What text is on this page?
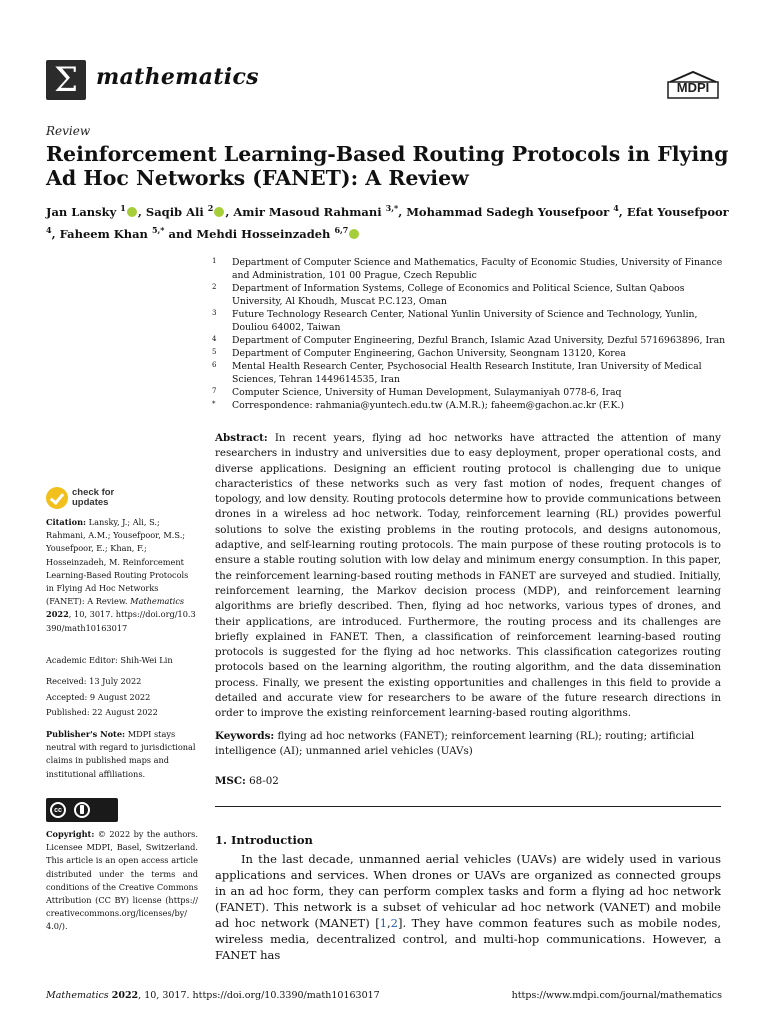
Σ mathematics	MDPI
Review
Reinforcement Learning-Based Routing Protocols in Flying Ad Hoc Networks (FANET): A Review
Jan Lansky $^1$ , Saqib Ali $^2$ , Amir Masoud Rahmani $^{3,*}$, Mohammad Sadegh Yousefpoor $^4$, Efat Yousefpoor $^4$, Faheem Khan $^{5,*}$ and Mehdi Hosseinzadeh $^{6,7}$
1	Department of Computer Science and Mathematics, Faculty of Economic Studies, University of Finance and Administration, 101 00 Prague, Czech Republic
2	Department of Information Systems, College of Economics and Political Science, Sultan Qaboos University, Al Khoudh, Muscat P.C.123, Oman
3	Future Technology Research Center, National Yunlin University of Science and Technology, Yunlin, Douliou 64002, Taiwan
4	Department of Computer Engineering, Dezful Branch, Islamic Azad University, Dezful 5716963896, Iran
5	Department of Computer Engineering, Gachon University, Seongnam 13120, Korea
6	Mental Health Research Center, Psychosocial Health Research Institute, Iran University of Medical Sciences, Tehran 1449614535, Iran
7	Computer Science, University of Human Development, Sulaymaniyah 0778-6, Iraq
*	Correspondence: rahmania@yuntech.edu.tw (A.M.R.); faheem@gachon.ac.kr (F.K.)
Abstract: In recent years, flying ad hoc networks have attracted the attention of many researchers in industry and universities due to easy deployment, proper operational costs, and diverse applications. Designing an efficient routing protocol is challenging due to unique characteristics of these networks such as very fast motion of nodes, frequent changes of topology, and low density. Routing protocols determine how to provide communications between drones in a wireless ad hoc network. Today, reinforcement learning (RL) provides powerful solutions to solve the existing problems in the routing protocols, and designs autonomous, adaptive, and self-learning routing protocols. The main purpose of these routing protocols is to ensure a stable routing solution with low delay and minimum energy consumption. In this paper, the reinforcement learning-based routing methods in FANET are surveyed and studied. Initially, reinforcement learning, the Markov decision process (MDP), and reinforcement learning algorithms are briefly described. Then, flying ad hoc networks, various types of drones, and their applications, are introduced. Furthermore, the routing process and its challenges are briefly explained in FANET. Then, a classification of reinforcement learning-based routing protocols is suggested for the flying ad hoc networks. This classification categorizes routing protocols based on the learning algorithm, the routing algorithm, and the data dissemination process. Finally, we present the existing opportunities and challenges in this field to provide a detailed and accurate view for researchers to be aware of the future research directions in order to improve the existing reinforcement learning-based routing algorithms.
Keywords: flying ad hoc networks (FANET); reinforcement learning (RL); routing; artificial intelligence (AI); unmanned ariel vehicles (UAVs)
MSC: 68-02
1. Introduction
In the last decade, unmanned aerial vehicles (UAVs) are widely used in various applications and services. When drones or UAVs are organized as connected groups in an ad hoc form, they can perform complex tasks and form a flying ad hoc network (FANET). This network is a subset of vehicular ad hoc network (VANET) and mobile ad hoc network (MANET) [1,2]. They have common features such as mobile nodes, wireless media, decentralized control, and multi-hop communications. However, a FANET has
check for
updates
Citation: Lansky, J.; Ali, S.; Rahmani, A.M.; Yousefpoor, M.S.; Yousefpoor, E.; Khan, F.; Hosseinzadeh, M. Reinforcement Learning-Based Routing Protocols in Flying Ad Hoc Networks (FANET): A Review. Mathematics 2022, 10, 3017. https://doi.org/10.3390/math10163017
Academic Editor: Shih-Wei Lin
Received: 13 July 2022
Accepted: 9 August 2022
Published: 22 August 2022
Publisher's Note: MDPI stays neutral with regard to jurisdictional claims in published maps and institutional affiliations.
cc
Copyright: © 2022 by the authors. Licensee MDPI, Basel, Switzerland. This article is an open access article distributed under the terms and conditions of the Creative Commons Attribution (CC BY) license (https:// creativecommons.org/licenses/by/ 4.0/).
Mathematics 2022, 10, 3017. https://doi.org/10.3390/math10163017	https://www.mdpi.com/journal/mathematics
